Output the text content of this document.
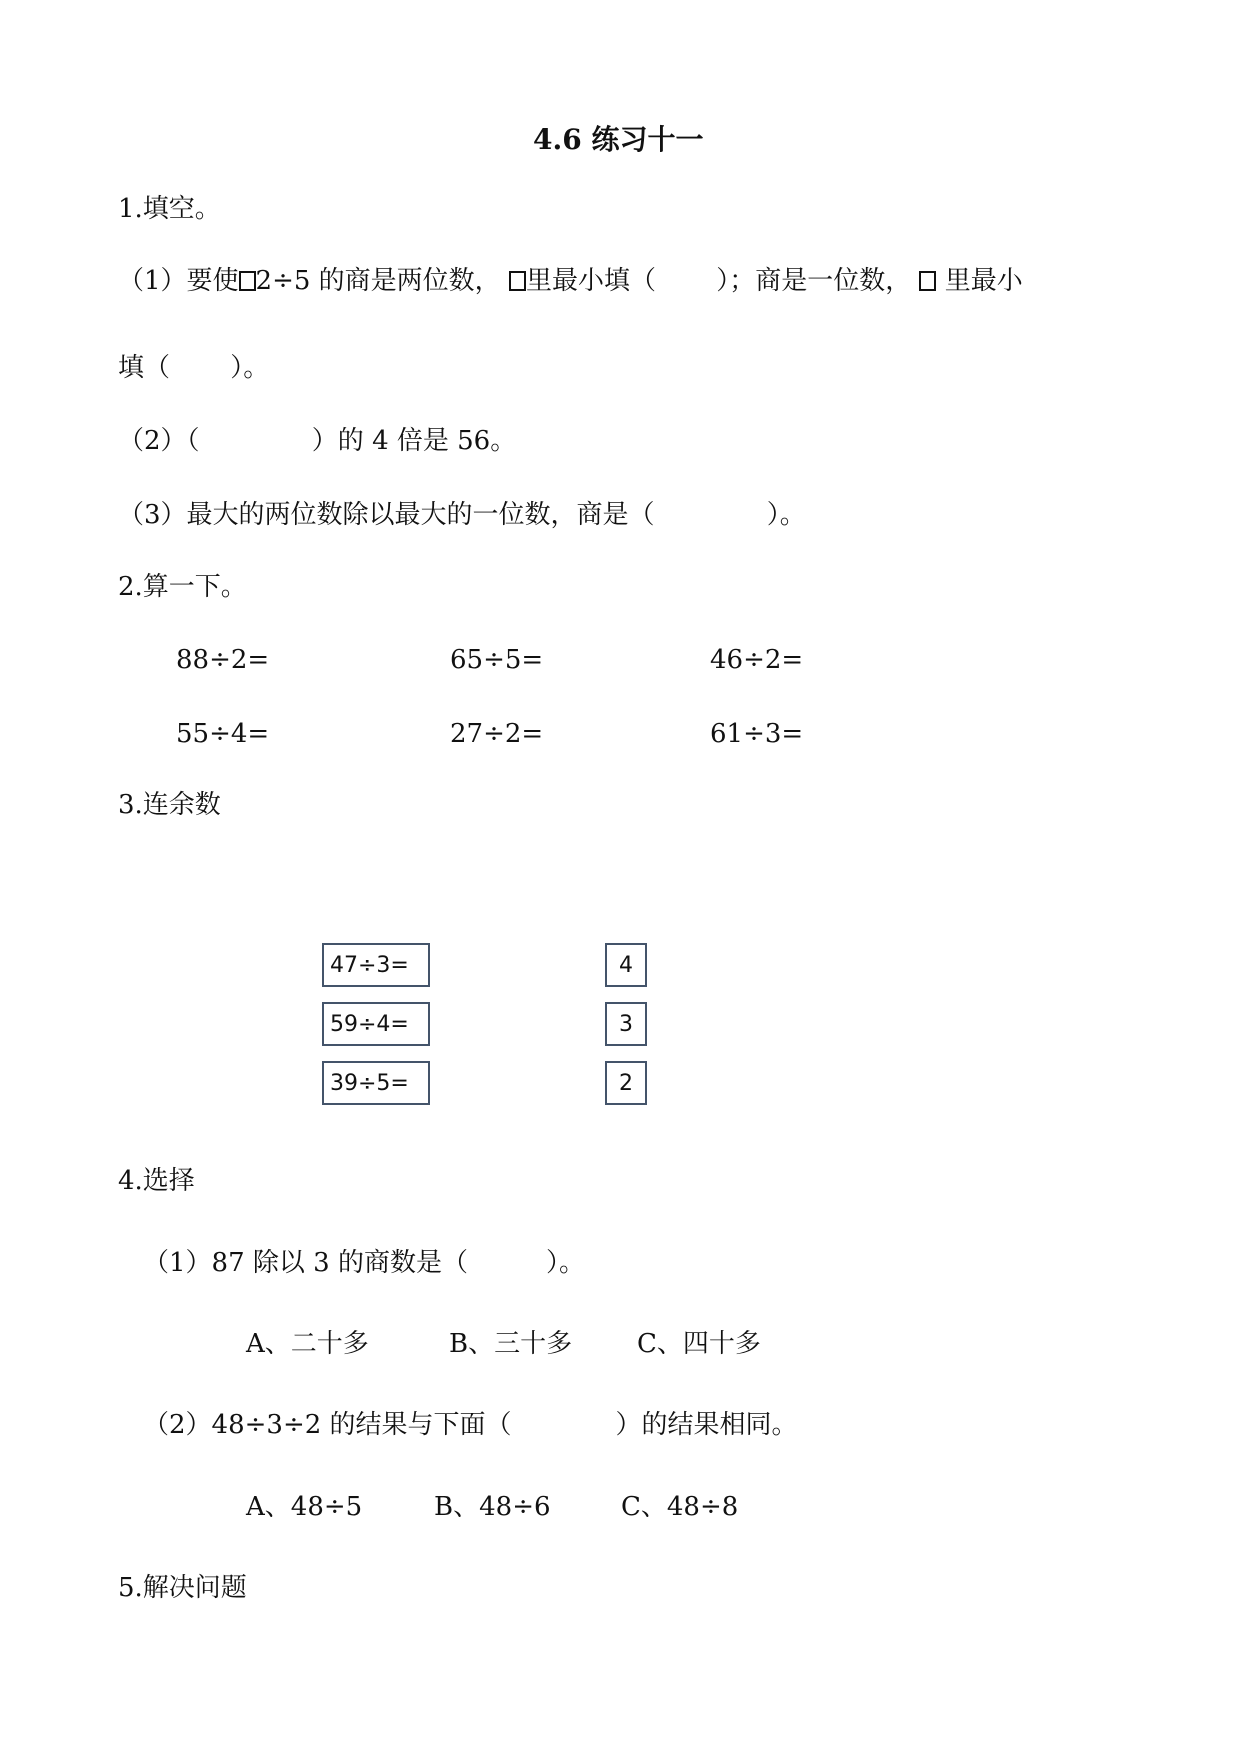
4.6 练习十一
1.填空。
（1）要使 2÷5 的商是两位数， 里最小填（　　 ）；商是一位数， 里最小
填（　　 ）。
（2）（　　　　 ）的 4 倍是 56。
（3）最大的两位数除以最大的一位数，商是（　　　　 ）。
2.算一下。
88÷2=	65÷5=	46÷2=
55÷4=	27÷2=	61÷3=
3.连余数
47÷3=
59÷4=
39÷5=
4
3
2
4.选择
（1）87 除以 3 的商数是（　　　）。
A、二十多	B、三十多 C、四十多
（2）48÷3÷2 的结果与下面（　　　　）的结果相同。
A、48÷5	B、48÷6	C、48÷8
5.解决问题
